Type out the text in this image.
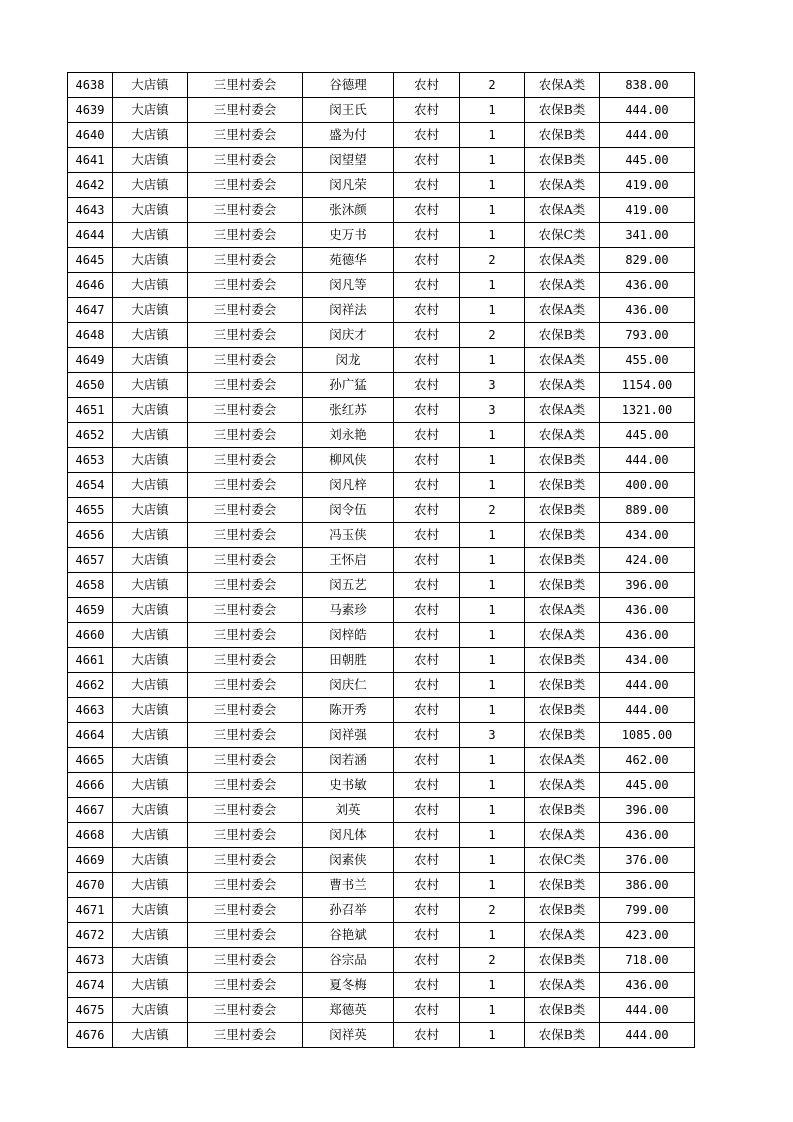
4638	大店镇	三里村委会	谷德理	农村	2	农保A类	838.00
4639	大店镇	三里村委会	闵王氏	农村	1	农保B类	444.00
4640	大店镇	三里村委会	盛为付	农村	1	农保B类	444.00
4641	大店镇	三里村委会	闵望望	农村	1	农保B类	445.00
4642	大店镇	三里村委会	闵凡荣	农村	1	农保A类	419.00
4643	大店镇	三里村委会	张沐颜	农村	1	农保A类	419.00
4644	大店镇	三里村委会	史万书	农村	1	农保C类	341.00
4645	大店镇	三里村委会	苑德华	农村	2	农保A类	829.00
4646	大店镇	三里村委会	闵凡等	农村	1	农保A类	436.00
4647	大店镇	三里村委会	闵祥法	农村	1	农保A类	436.00
4648	大店镇	三里村委会	闵庆才	农村	2	农保B类	793.00
4649	大店镇	三里村委会	闵龙	农村	1	农保A类	455.00
4650	大店镇	三里村委会	孙广猛	农村	3	农保A类	1154.00
4651	大店镇	三里村委会	张红苏	农村	3	农保A类	1321.00
4652	大店镇	三里村委会	刘永艳	农村	1	农保A类	445.00
4653	大店镇	三里村委会	柳风侠	农村	1	农保B类	444.00
4654	大店镇	三里村委会	闵凡梓	农村	1	农保B类	400.00
4655	大店镇	三里村委会	闵令伍	农村	2	农保B类	889.00
4656	大店镇	三里村委会	冯玉侠	农村	1	农保B类	434.00
4657	大店镇	三里村委会	王怀启	农村	1	农保B类	424.00
4658	大店镇	三里村委会	闵五艺	农村	1	农保B类	396.00
4659	大店镇	三里村委会	马素珍	农村	1	农保A类	436.00
4660	大店镇	三里村委会	闵梓皓	农村	1	农保A类	436.00
4661	大店镇	三里村委会	田朝胜	农村	1	农保B类	434.00
4662	大店镇	三里村委会	闵庆仁	农村	1	农保B类	444.00
4663	大店镇	三里村委会	陈开秀	农村	1	农保B类	444.00
4664	大店镇	三里村委会	闵祥强	农村	3	农保B类	1085.00
4665	大店镇	三里村委会	闵若涵	农村	1	农保A类	462.00
4666	大店镇	三里村委会	史书敏	农村	1	农保A类	445.00
4667	大店镇	三里村委会	刘英	农村	1	农保B类	396.00
4668	大店镇	三里村委会	闵凡体	农村	1	农保A类	436.00
4669	大店镇	三里村委会	闵素侠	农村	1	农保C类	376.00
4670	大店镇	三里村委会	曹书兰	农村	1	农保B类	386.00
4671	大店镇	三里村委会	孙召举	农村	2	农保B类	799.00
4672	大店镇	三里村委会	谷艳斌	农村	1	农保A类	423.00
4673	大店镇	三里村委会	谷宗品	农村	2	农保B类	718.00
4674	大店镇	三里村委会	夏冬梅	农村	1	农保A类	436.00
4675	大店镇	三里村委会	郑德英	农村	1	农保B类	444.00
4676	大店镇	三里村委会	闵祥英	农村	1	农保B类	444.00
